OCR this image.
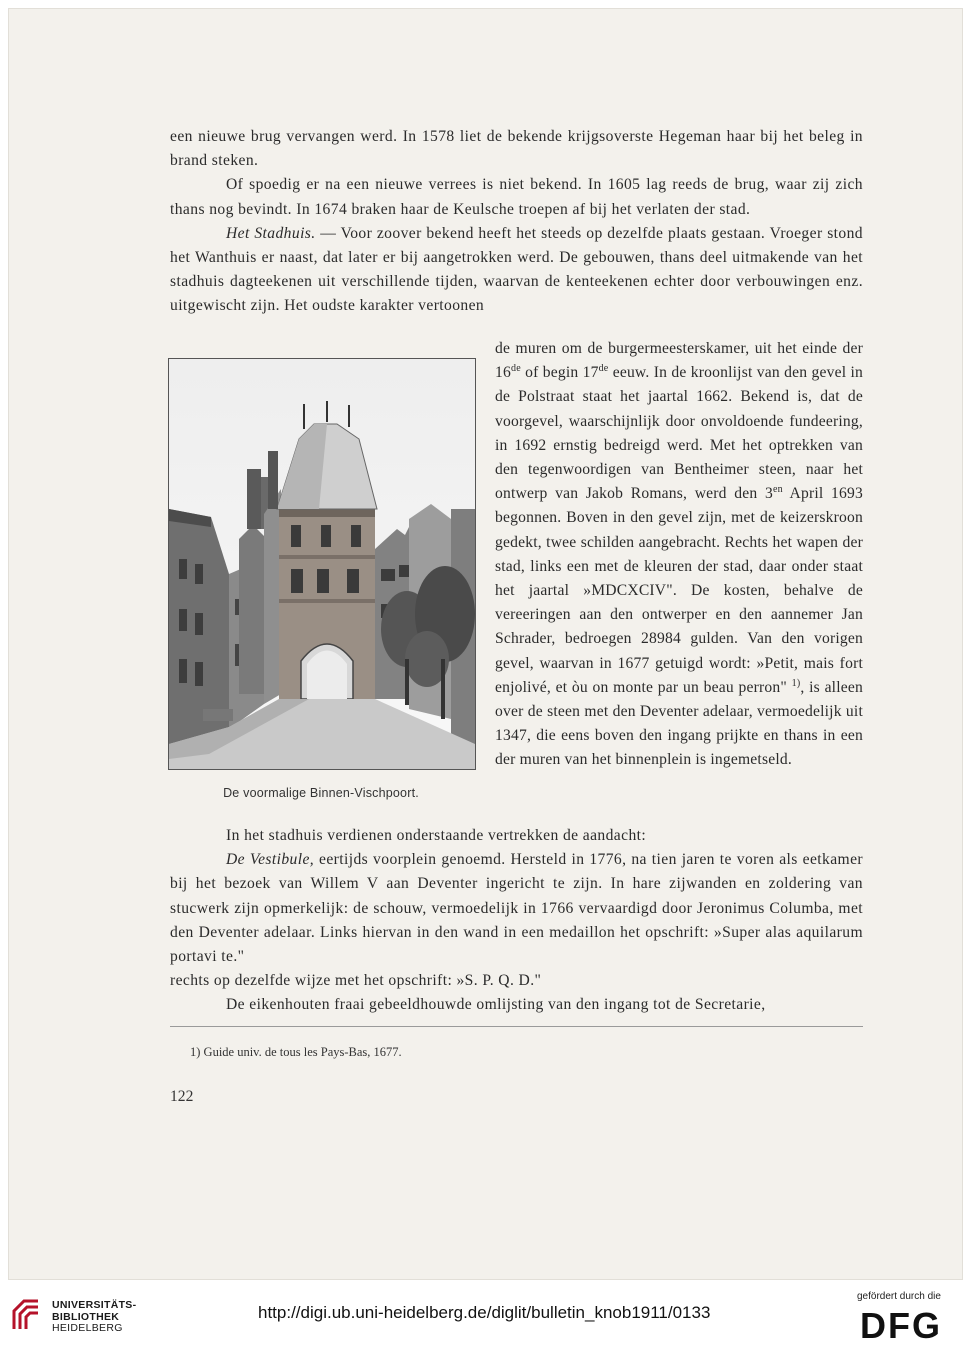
een nieuwe brug vervangen werd. In 1578 liet de bekende krijgsoverste Hegeman haar bij het beleg in brand steken.

Of spoedig er na een nieuwe verrees is niet bekend. In 1605 lag reeds de brug, waar zij zich thans nog bevindt. In 1674 braken haar de Keulsche troepen af bij het verlaten der stad.

Het Stadhuis. — Voor zoover bekend heeft het steeds op dezelfde plaats gestaan. Vroeger stond het Wanthuis er naast, dat later er bij aangetrokken werd. De gebouwen, thans deel uitmakende van het stadhuis dagteekenen uit verschillende tijden, waarvan de kenteekenen echter door verbouwingen enz. uitgewischt zijn. Het oudste karakter vertoonen

de muren om de burgermeesterskamer, uit het einde der 16de of begin 17de eeuw. In de kroonlijst van den gevel in de Polstraat staat het jaartal 1662. Bekend is, dat de voorgevel, waarschijnlijk door onvoldoende fundeering, in 1692 ernstig bedreigd werd. Met het optrekken van den tegenwoordigen van Bentheimer steen, naar het ontwerp van Jakob Romans, werd den $3^{en}$ April 1693 begonnen. Boven in den gevel zijn, met de keizerskroon gedekt, twee schilden aangebracht. Rechts het wapen der stad, links een met de kleuren der stad, daar onder staat het jaartal »MDCXCIV". De kosten, behalve de vereeringen aan den ontwerper en den aannemer Jan Schrader, bedroegen 28984 gulden. Van den vorigen gevel, waarvan in 1677 getuigd wordt: »Petit, mais fort enjolivé, et òu on monte par un beau perron" $^{1)}$, is alleen over de steen met den Deventer adelaar, vermoedelijk uit 1347, die eens boven den ingang prijkte en thans in een der muren van het binnenplein is ingemetseld.

De voormalige Binnen-Vischpoort.

In het stadhuis verdienen onderstaande vertrekken de aandacht:

De Vestibule, eertijds voorplein genoemd. Hersteld in 1776, na tien jaren te voren als eetkamer bij het bezoek van Willem V aan Deventer ingericht te zijn. In hare zijwanden en zoldering van stucwerk zijn opmerkelijk: de schouw, vermoedelijk in 1766 vervaardigd door Jeronimus Columba, met den Deventer adelaar. Links hiervan in den wand in een medaillon het opschrift: »Super alas aquilarum portavi te."

rechts op dezelfde wijze met het opschrift: »S. P. Q. D."

De eikenhouten fraai gebeeldhouwde omlijsting van den ingang tot de Secretarie,

1) Guide univ. de tous les Pays-Bas, 1677.
122
UNIVERSITÄTS-
BIBLIOTHEK
HEIDELBERG
http://digi.ub.uni-heidelberg.de/diglit/bulletin_knob1911/0133
gefördert durch die
DFG
